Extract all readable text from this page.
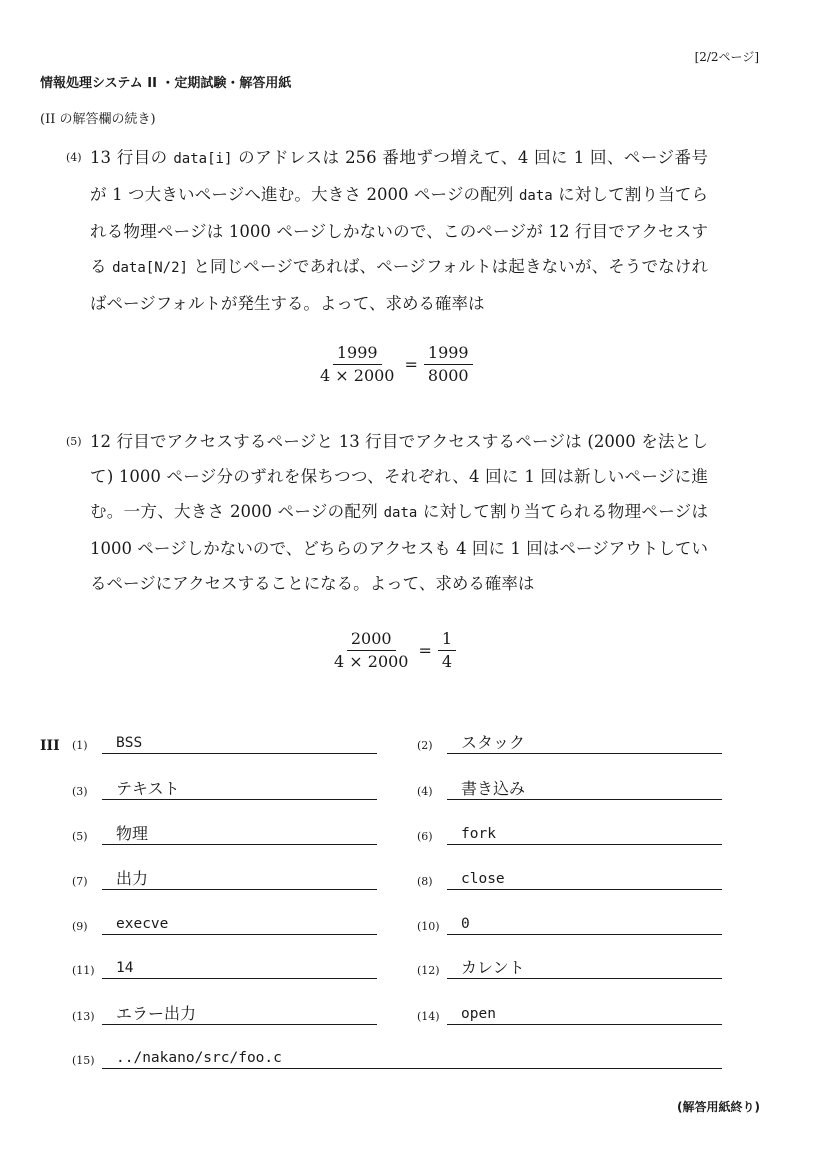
[2/2ページ]
情報処理システム II ・定期試験・解答用紙
(II の解答欄の続き)
(4) 13 行目の data[i] のアドレスは 256 番地ずつ増えて、4 回に 1 回、ページ番号が 1 つ大きいページへ進む。大きさ 2000 ページの配列 data に対して割り当てられる物理ページは 1000 ページしかないので、このページが 12 行目でアクセスする data[N/2] と同じページであれば、ページフォルトは起きないが、そうでなければページフォルトが発生する。よって、求める確率は
$\frac{1999}{4 \times 2000} = \frac{1999}{8000}$
(5) 12 行目でアクセスするページと 13 行目でアクセスするページは (2000 を法として) 1000 ページ分のずれを保ちつつ、それぞれ、4 回に 1 回は新しいページに進む。一方、大きさ 2000 ページの配列 data に対して割り当てられる物理ページは 1000 ページしかないので、どちらのアクセスも 4 回に 1 回はページアウトしているページにアクセスすることになる。よって、求める確率は
$\frac{2000}{4 \times 2000} = \frac{1}{4}$
III (1)	BSS	(2)	スタック
(3)	テキスト	(4)	書き込み
(5)	物理	(6)	fork
(7)	出力	(8)	close
(9)	execve	(10)	0
(11)	14	(12)	カレント
(13)	エラー出力	(14)	open
(15)	../nakano/src/foo.c
(解答用紙終り)
